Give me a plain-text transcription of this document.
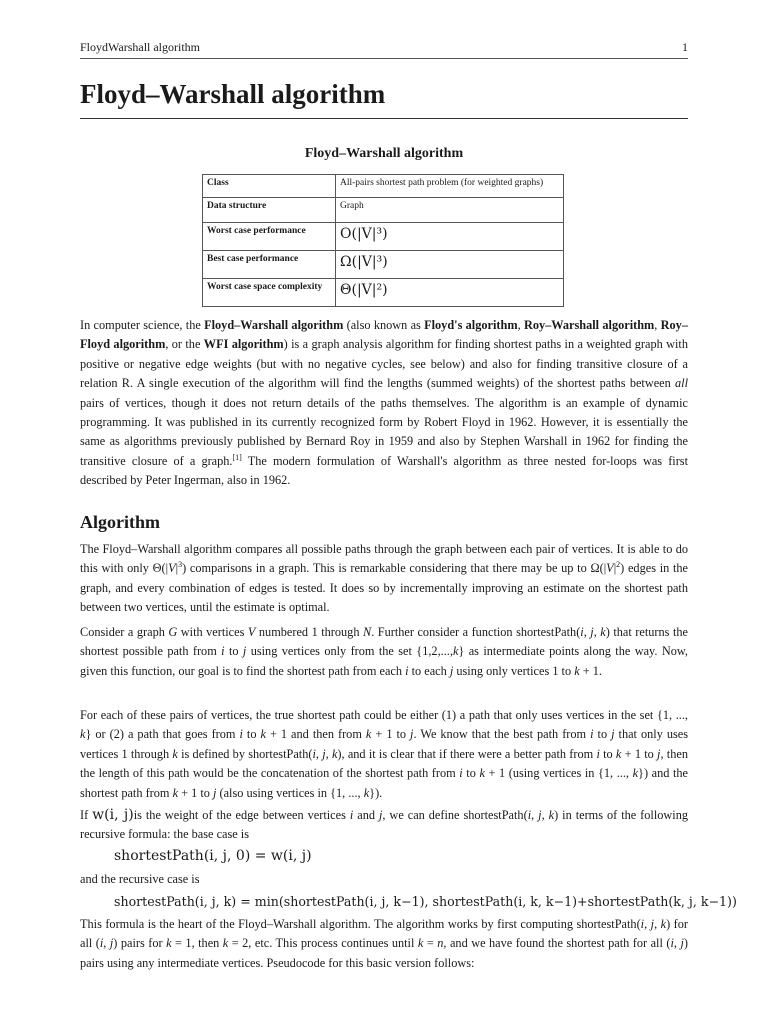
FloydWarshall algorithm	1
Floyd–Warshall algorithm
Floyd–Warshall algorithm
Class	All-pairs shortest path problem (for weighted graphs)
Data structure	Graph
Worst case performance	O(|V|³)
Best case performance	Ω(|V|³)
Worst case space complexity	Θ(|V|²)

In computer science, the Floyd–Warshall algorithm (also known as Floyd's algorithm, Roy–Warshall algorithm, Roy–Floyd algorithm, or the WFI algorithm) is a graph analysis algorithm for finding shortest paths in a weighted graph with positive or negative edge weights (but with no negative cycles, see below) and also for finding transitive closure of a relation R. A single execution of the algorithm will find the lengths (summed weights) of the shortest paths between all pairs of vertices, though it does not return details of the paths themselves. The algorithm is an example of dynamic programming. It was published in its currently recognized form by Robert Floyd in 1962. However, it is essentially the same as algorithms previously published by Bernard Roy in 1959 and also by Stephen Warshall in 1962 for finding the transitive closure of a graph.[1] The modern formulation of Warshall's algorithm as three nested for-loops was first described by Peter Ingerman, also in 1962.

Algorithm

The Floyd–Warshall algorithm compares all possible paths through the graph between each pair of vertices. It is able to do this with only $\Theta(|V|^3)$ comparisons in a graph. This is remarkable considering that there may be up to $\Omega(|V|^2)$ edges in the graph, and every combination of edges is tested. It does so by incrementally improving an estimate on the shortest path between two vertices, until the estimate is optimal.

Consider a graph G with vertices V numbered 1 through N. Further consider a function shortestPath(i, j, k) that returns the shortest possible path from i to j using vertices only from the set {1,2,...,k} as intermediate points along the way. Now, given this function, our goal is to find the shortest path from each i to each j using only vertices 1 to k + 1.

For each of these pairs of vertices, the true shortest path could be either (1) a path that only uses vertices in the set {1, ..., k} or (2) a path that goes from i to k + 1 and then from k + 1 to j. We know that the best path from i to j that only uses vertices 1 through k is defined by shortestPath(i, j, k), and it is clear that if there were a better path from i to k + 1 to j, then the length of this path would be the concatenation of the shortest path from i to k + 1 (using vertices in {1, ..., k}) and the shortest path from k + 1 to j (also using vertices in {1, ..., k}).

If w(i, j)is the weight of the edge between vertices i and j, we can define shortestPath(i, j, k) in terms of the following recursive formula: the base case is

shortestPath(i, j, 0) = w(i, j)

and the recursive case is

shortestPath(i, j, k) = min(shortestPath(i, j, k−1), shortestPath(i, k, k−1)+shortestPath(k, j, k−1))

This formula is the heart of the Floyd–Warshall algorithm. The algorithm works by first computing shortestPath(i, j, k) for all (i, j) pairs for k = 1, then k = 2, etc. This process continues until k = n, and we have found the shortest path for all (i, j) pairs using any intermediate vertices. Pseudocode for this basic version follows:
